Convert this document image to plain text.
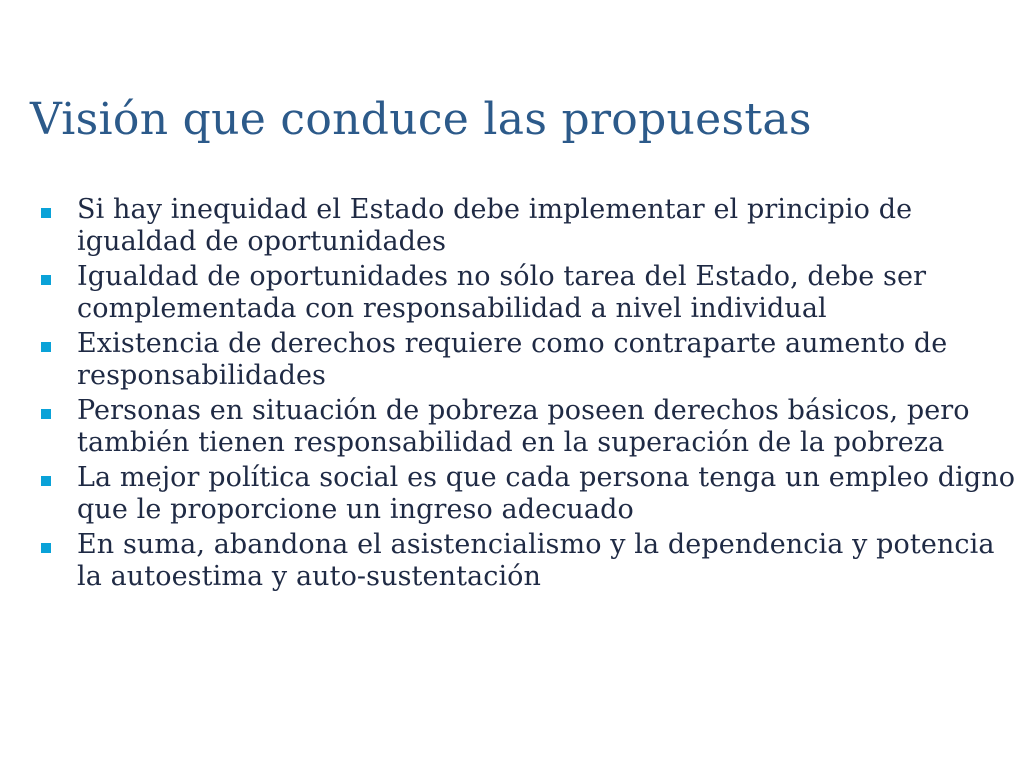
Visión que conduce las propuestas
Si hay inequidad el Estado debe implementar el principio de igualdad de oportunidades
Igualdad de oportunidades no sólo tarea del Estado, debe ser complementada con responsabilidad a nivel individual
Existencia de derechos requiere como contraparte aumento de responsabilidades
Personas en situación de pobreza poseen derechos básicos, pero también tienen responsabilidad en la superación de la pobreza
La mejor política social es que cada persona tenga un empleo digno que le proporcione un ingreso adecuado
En suma, abandona el asistencialismo y la dependencia y potencia la autoestima y auto-sustentación
